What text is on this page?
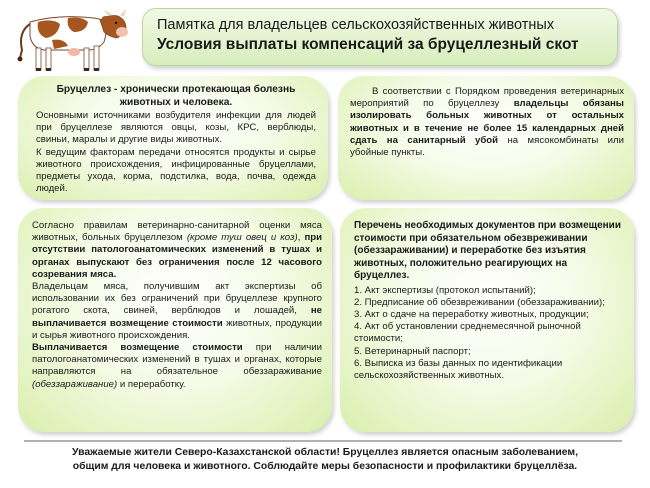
Памятка для владельцев сельскохозяйственных животных
Условия выплаты компенсаций за бруцеллезный скот

Бруцеллез - хронически протекающая болезнь животных и человека.

Основными источниками возбудителя инфекции для людей при бруцеллезе являются овцы, козы, КРС, верблюды, свиньи, маралы и другие виды животных.

К ведущим факторам передачи относятся продукты и сырье животного происхождения, инфицированные бруцеллами, предметы ухода, корма, подстилка, вода, почва, одежда людей.

В соответствии с Порядком проведения ветеринарных мероприятий по бруцеллезу владельцы обязаны изолировать больных животных от остальных животных и в течение не более 15 календарных дней сдать на санитарный убой на мясокомбинаты или убойные пункты.

Согласно правилам ветеринарно-санитарной оценки мяса животных, больных бруцеллезом (кроме туш овец и коз), при отсутствии патологоанатомических изменений в тушах и органах выпускают без ограничения после 12 часового созревания мяса.

Владельцам мяса, получившим акт экспертизы об использовании их без ограничений при бруцеллезе крупного рогатого скота, свиней, верблюдов и лошадей, не выплачивается возмещение стоимости животных, продукции и сырья животного происхождения.

Выплачивается возмещение стоимости при наличии патологоанатомических изменений в тушах и органах, которые направляются на обязательное обеззараживание (обеззараживание) и переработку.

Перечень необходимых документов при возмещении стоимости при обязательном обезвреживании (обеззараживании) и переработке без изъятия животных, положительно реагирующих на бруцеллез.

1. Акт экспертизы (протокол испытаний);

2. Предписание об обезвреживании (обеззараживании);

3. Акт о сдаче на переработку животных, продукции;

4. Акт об установлении среднемесячной рыночной стоимости;

5. Ветеринарный паспорт;

6. Выписка из базы данных по идентификации сельскохозяйственных животных.

Уважаемые жители Северо-Казахстанской области! Бруцеллез является опасным заболеванием,
общим для человека и животного. Соблюдайте меры безопасности и профилактики бруцеллёза.
